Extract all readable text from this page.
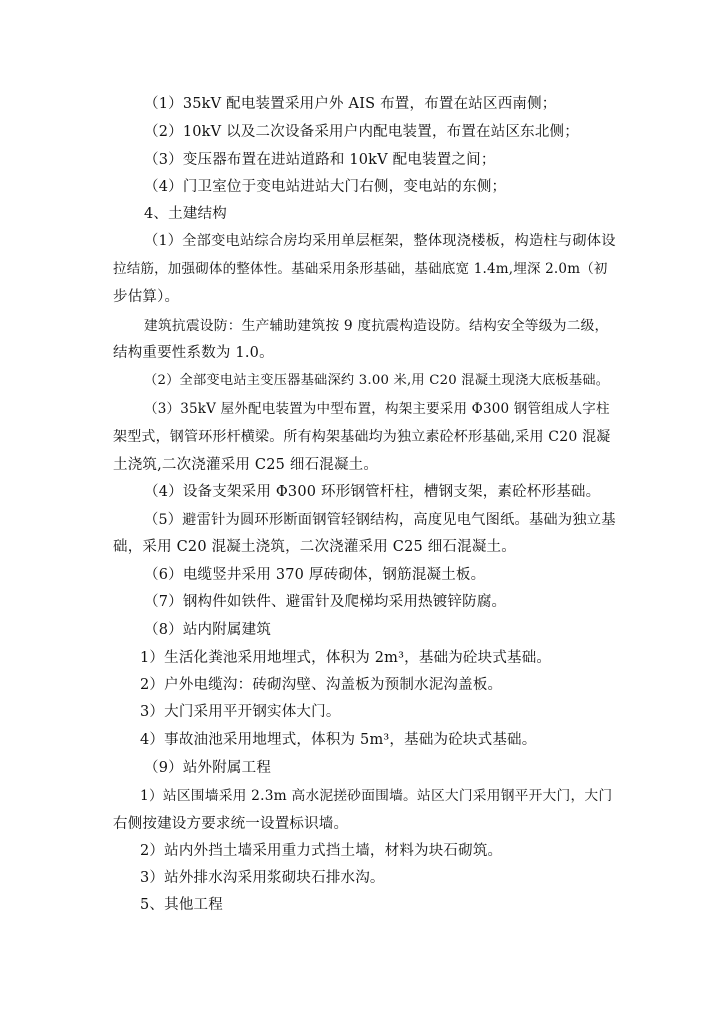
（1）35kV 配电装置采用户外 AIS 布置，布置在站区西南侧；
（2）10kV 以及二次设备采用户内配电装置，布置在站区东北侧；
（3）变压器布置在进站道路和 10kV 配电装置之间；
（4）门卫室位于变电站进站大门右侧，变电站的东侧；
4、土建结构
（1）全部变电站综合房均采用单层框架，整体现浇楼板，构造柱与砌体设
拉结筋，加强砌体的整体性。基础采用条形基础，基础底宽 1.4m,埋深 2.0m（初
步估算）。
建筑抗震设防：生产辅助建筑按 9 度抗震构造设防。结构安全等级为二级，
结构重要性系数为 1.0。
（2）全部变电站主变压器基础深约 3.00 米,用 C20 混凝土现浇大底板基础。
（3）35kV 屋外配电装置为中型布置，构架主要采用 Φ300 钢管组成人字柱
架型式，钢管环形杆横梁。所有构架基础均为独立素砼杯形基础,采用 C20 混凝
土浇筑,二次浇灌采用 C25 细石混凝土。
（4）设备支架采用 Φ300 环形钢管杆柱，槽钢支架，素砼杯形基础。
（5）避雷针为圆环形断面钢管轻钢结构，高度见电气图纸。基础为独立基
础，采用 C20 混凝土浇筑，二次浇灌采用 C25 细石混凝土。
（6）电缆竖井采用 370 厚砖砌体，钢筋混凝土板。
（7）钢构件如铁件、避雷针及爬梯均采用热镀锌防腐。
（8）站内附属建筑
1）生活化粪池采用地埋式，体积为 2m³，基础为砼块式基础。
2）户外电缆沟：砖砌沟壁、沟盖板为预制水泥沟盖板。
3）大门采用平开钢实体大门。
4）事故油池采用地埋式，体积为 5m³，基础为砼块式基础。
（9）站外附属工程
1）站区围墙采用 2.3m 高水泥搓砂面围墙。站区大门采用钢平开大门，大门
右侧按建设方要求统一设置标识墙。
2）站内外挡土墙采用重力式挡土墙，材料为块石砌筑。
3）站外排水沟采用浆砌块石排水沟。
5、其他工程
